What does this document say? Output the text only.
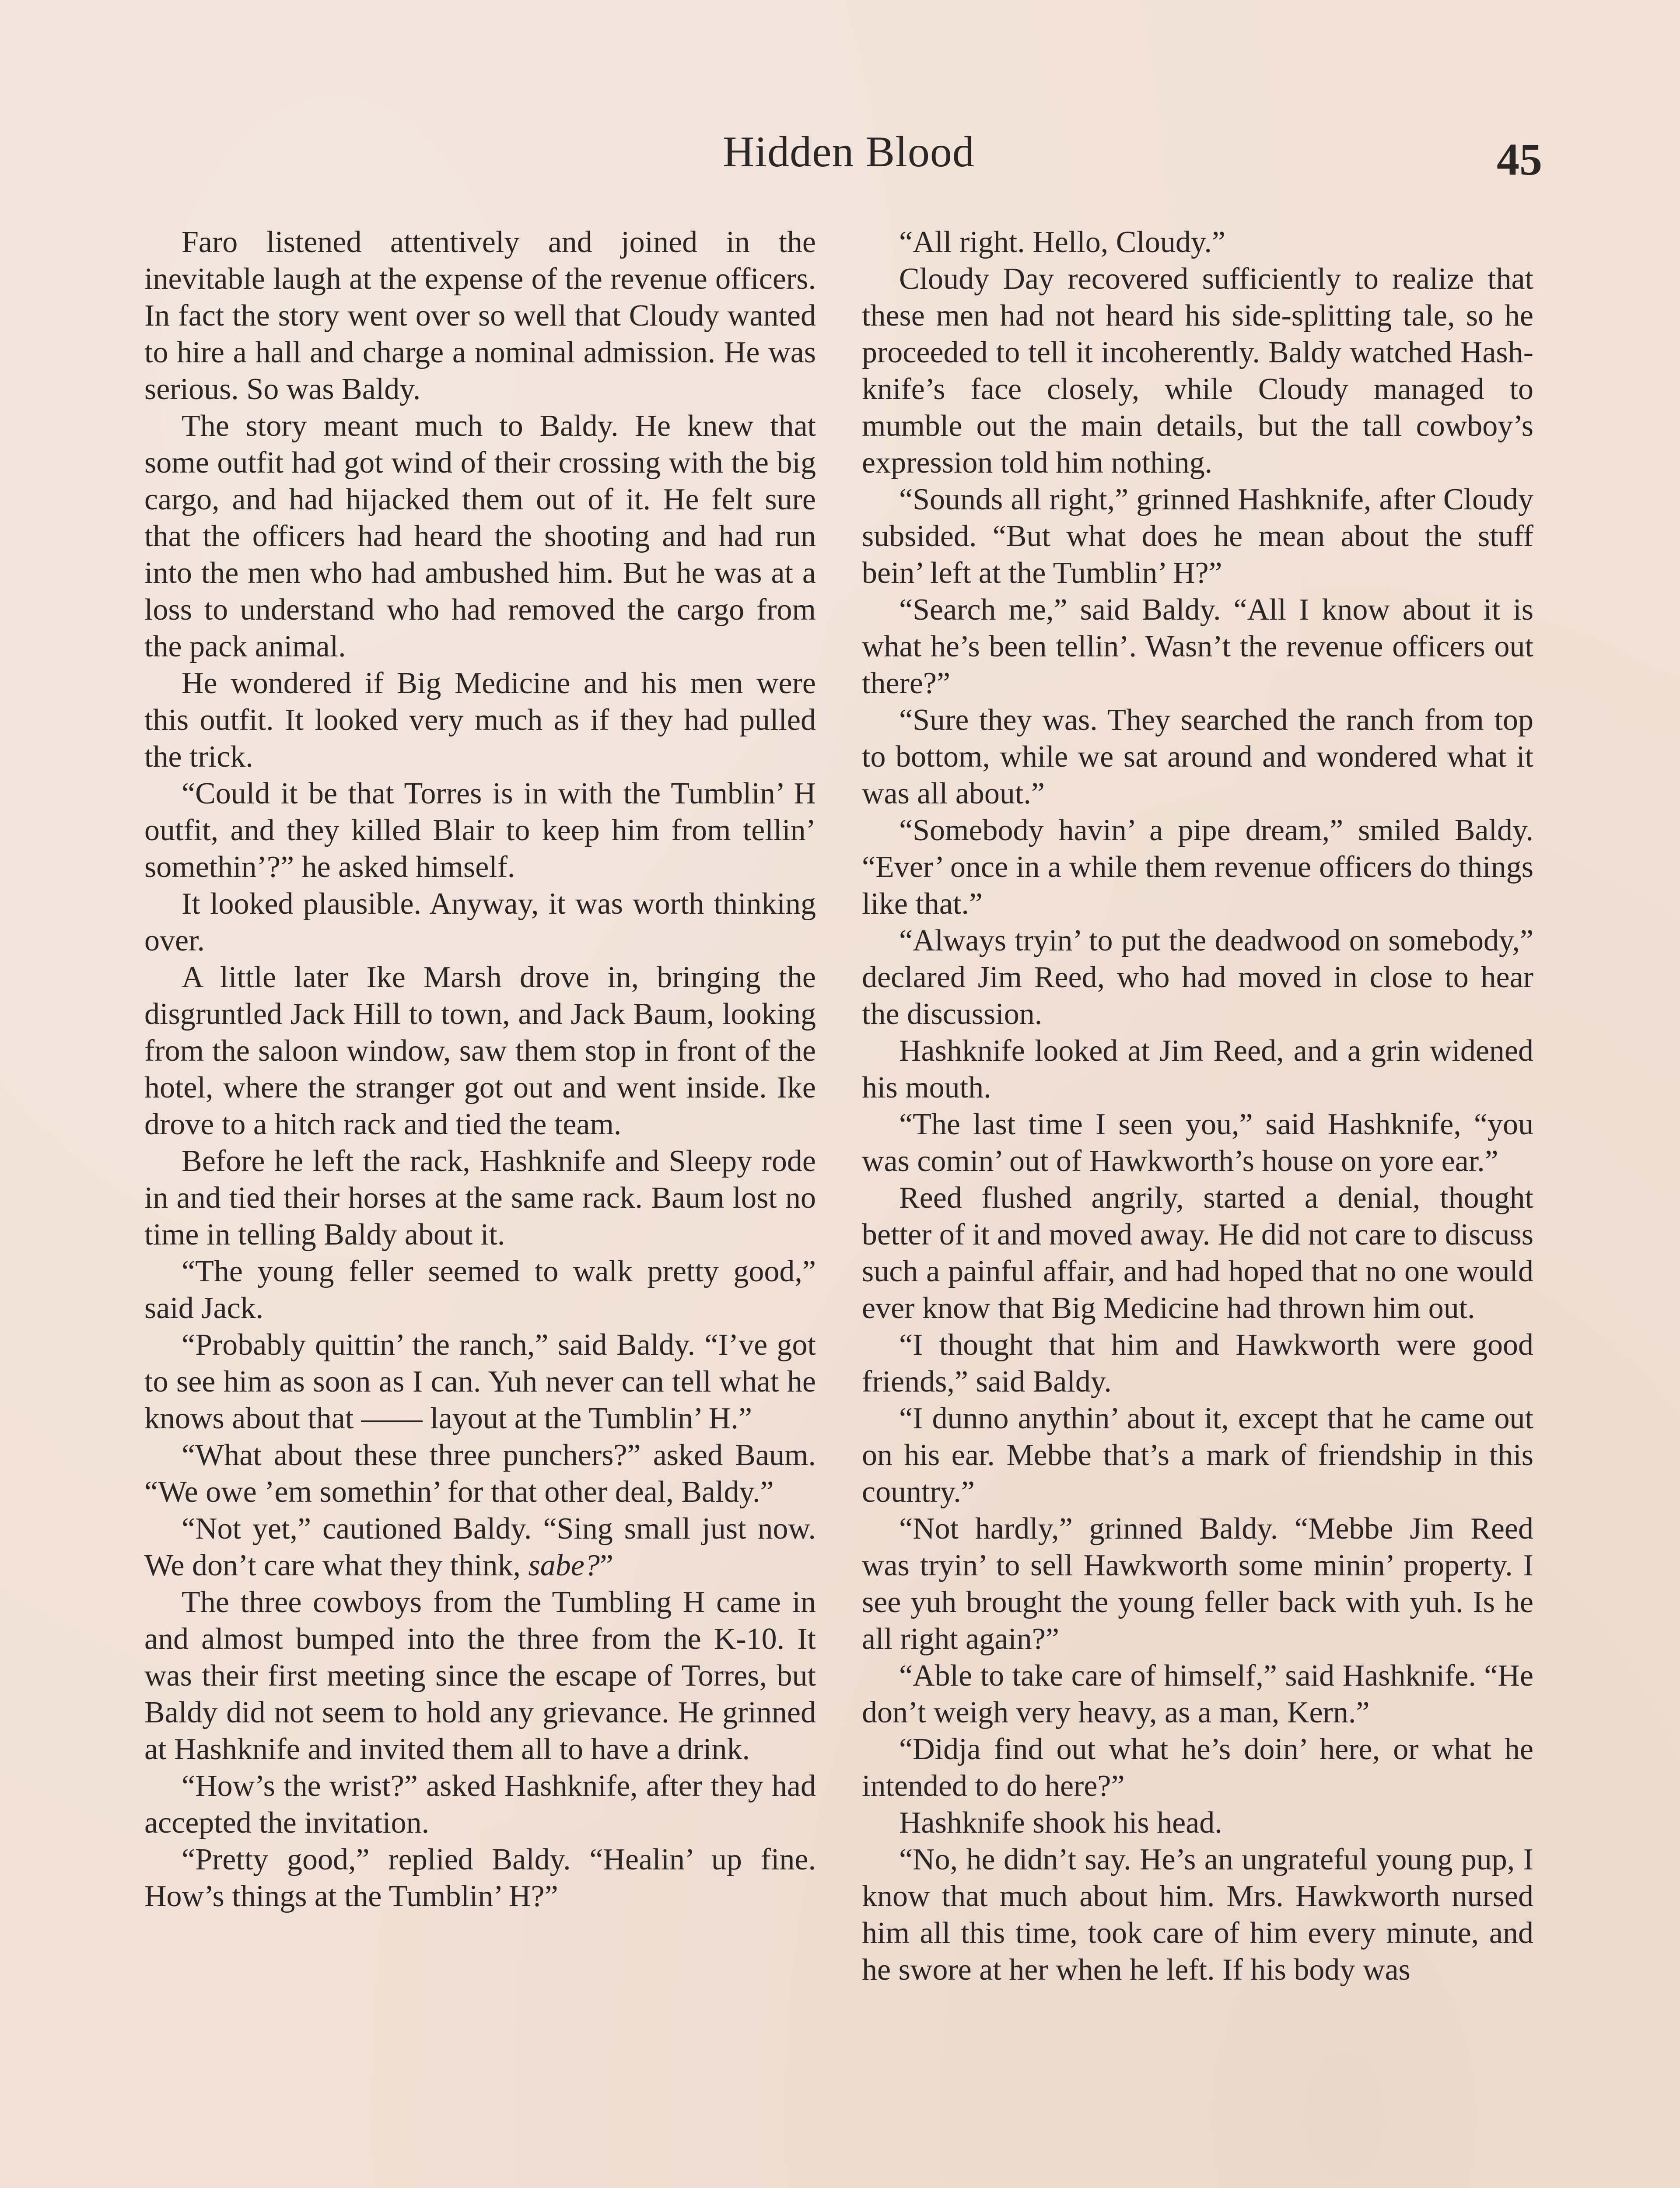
Hidden Blood	45

Faro listened attentively and joined in the inevitable laugh at the expense of the revenue officers. In fact the story went over so well that Cloudy wanted to hire a hall and charge a nominal admission. He was serious. So was Baldy.

The story meant much to Baldy. He knew that some outfit had got wind of their crossing with the big cargo, and had hijacked them out of it. He felt sure that the officers had heard the shooting and had run into the men who had ambushed him. But he was at a loss to understand who had removed the cargo from the pack animal.

He wondered if Big Medicine and his men were this outfit. It looked very much as if they had pulled the trick.

“Could it be that Torres is in with the Tumblin’ H outfit, and they killed Blair to keep him from tellin’ somethin’?” he asked himself.

It looked plausible. Anyway, it was worth thinking over.

A little later Ike Marsh drove in, bringing the disgruntled Jack Hill to town, and Jack Baum, looking from the saloon window, saw them stop in front of the hotel, where the stranger got out and went inside. Ike drove to a hitch rack and tied the team.

Before he left the rack, Hashknife and Sleepy rode in and tied their horses at the same rack. Baum lost no time in telling Baldy about it.

“The young feller seemed to walk pretty good,” said Jack.

“Probably quittin’ the ranch,” said Baldy. “I’ve got to see him as soon as I can. Yuh never can tell what he knows about that —— layout at the Tumblin’ H.”

“What about these three punchers?” asked Baum. “We owe ’em somethin’ for that other deal, Baldy.”

“Not yet,” cautioned Baldy. “Sing small just now. We don’t care what they think, sabe?”

The three cowboys from the Tumbling H came in and almost bumped into the three from the K-10. It was their first meeting since the escape of Torres, but Baldy did not seem to hold any grievance. He grinned at Hashknife and invited them all to have a drink.

“How’s the wrist?” asked Hashknife, after they had accepted the invitation.

“Pretty good,” replied Baldy. “Healin’ up fine. How’s things at the Tumblin’ H?”

“All right. Hello, Cloudy.”

Cloudy Day recovered sufficiently to realize that these men had not heard his side-splitting tale, so he proceeded to tell it incoherently. Baldy watched Hashknife’s face closely, while Cloudy managed to mumble out the main details, but the tall cowboy’s expression told him nothing.

“Sounds all right,” grinned Hashknife, after Cloudy subsided. “But what does he mean about the stuff bein’ left at the Tumblin’ H?”

“Search me,” said Baldy. “All I know about it is what he’s been tellin’. Wasn’t the revenue officers out there?”

“Sure they was. They searched the ranch from top to bottom, while we sat around and wondered what it was all about.”

“Somebody havin’ a pipe dream,” smiled Baldy. “Ever’ once in a while them revenue officers do things like that.”

“Always tryin’ to put the deadwood on somebody,” declared Jim Reed, who had moved in close to hear the discussion.

Hashknife looked at Jim Reed, and a grin widened his mouth.

“The last time I seen you,” said Hashknife, “you was comin’ out of Hawkworth’s house on yore ear.”

Reed flushed angrily, started a denial, thought better of it and moved away. He did not care to discuss such a painful affair, and had hoped that no one would ever know that Big Medicine had thrown him out.

“I thought that him and Hawkworth were good friends,” said Baldy.

“I dunno anythin’ about it, except that he came out on his ear. Mebbe that’s a mark of friendship in this country.”

“Not hardly,” grinned Baldy. “Mebbe Jim Reed was tryin’ to sell Hawkworth some minin’ property. I see yuh brought the young feller back with yuh. Is he all right again?”

“Able to take care of himself,” said Hashknife. “He don’t weigh very heavy, as a man, Kern.”

“Didja find out what he’s doin’ here, or what he intended to do here?”

Hashknife shook his head.

“No, he didn’t say. He’s an ungrateful young pup, I know that much about him. Mrs. Hawkworth nursed him all this time, took care of him every minute, and he swore at her when he left. If his body was
